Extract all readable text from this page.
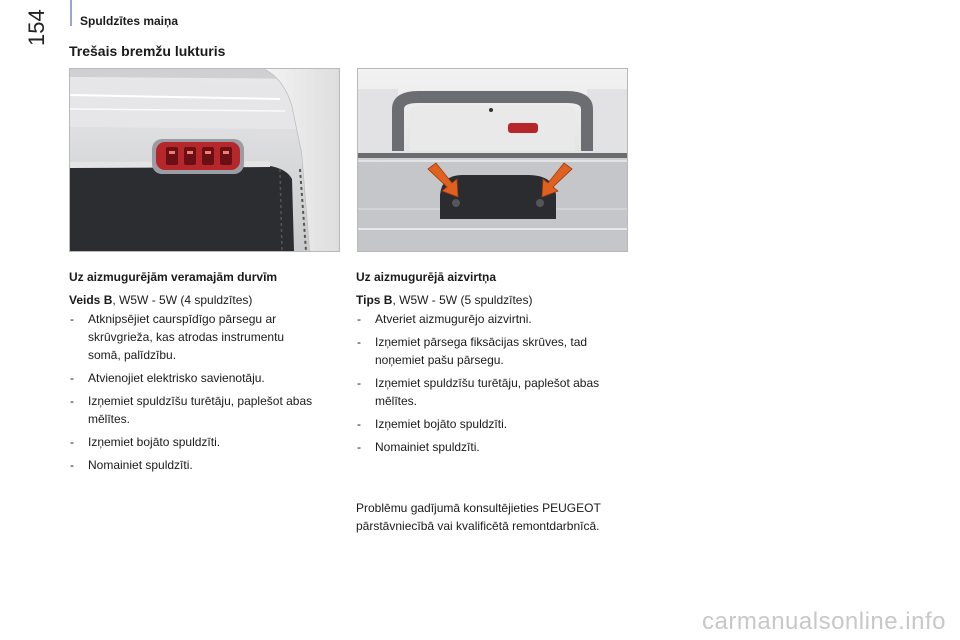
Spuldzītes maiņa
154
Trešais bremžu lukturis
Uz aizmugurējām veramajām durvīm
Veids B, W5W - 5W (4 spuldzītes)
- Atknipsējiet caurspīdīgo pārsegu ar skrūvgrieža, kas atrodas instrumentu somā, palīdzību.
- Atvienojiet elektrisko savienotāju.
- Izņemiet spuldzīšu turētāju, paplešot abas mēlītes.
- Izņemiet bojāto spuldzīti.
- Nomainiet spuldzīti.
Uz aizmugurējā aizvirtņa
Tips B, W5W - 5W (5 spuldzītes)
- Atveriet aizmugurējo aizvirtni.
- Izņemiet pārsega fiksācijas skrūves, tad noņemiet pašu pārsegu.
- Izņemiet spuldzīšu turētāju, paplešot abas mēlītes.
- Izņemiet bojāto spuldzīti.
- Nomainiet spuldzīti.
Problēmu gadījumā konsultējieties PEUGEOT pārstāvniecībā vai kvalificētā remontdarbnīcā.
carmanualsonline.info
